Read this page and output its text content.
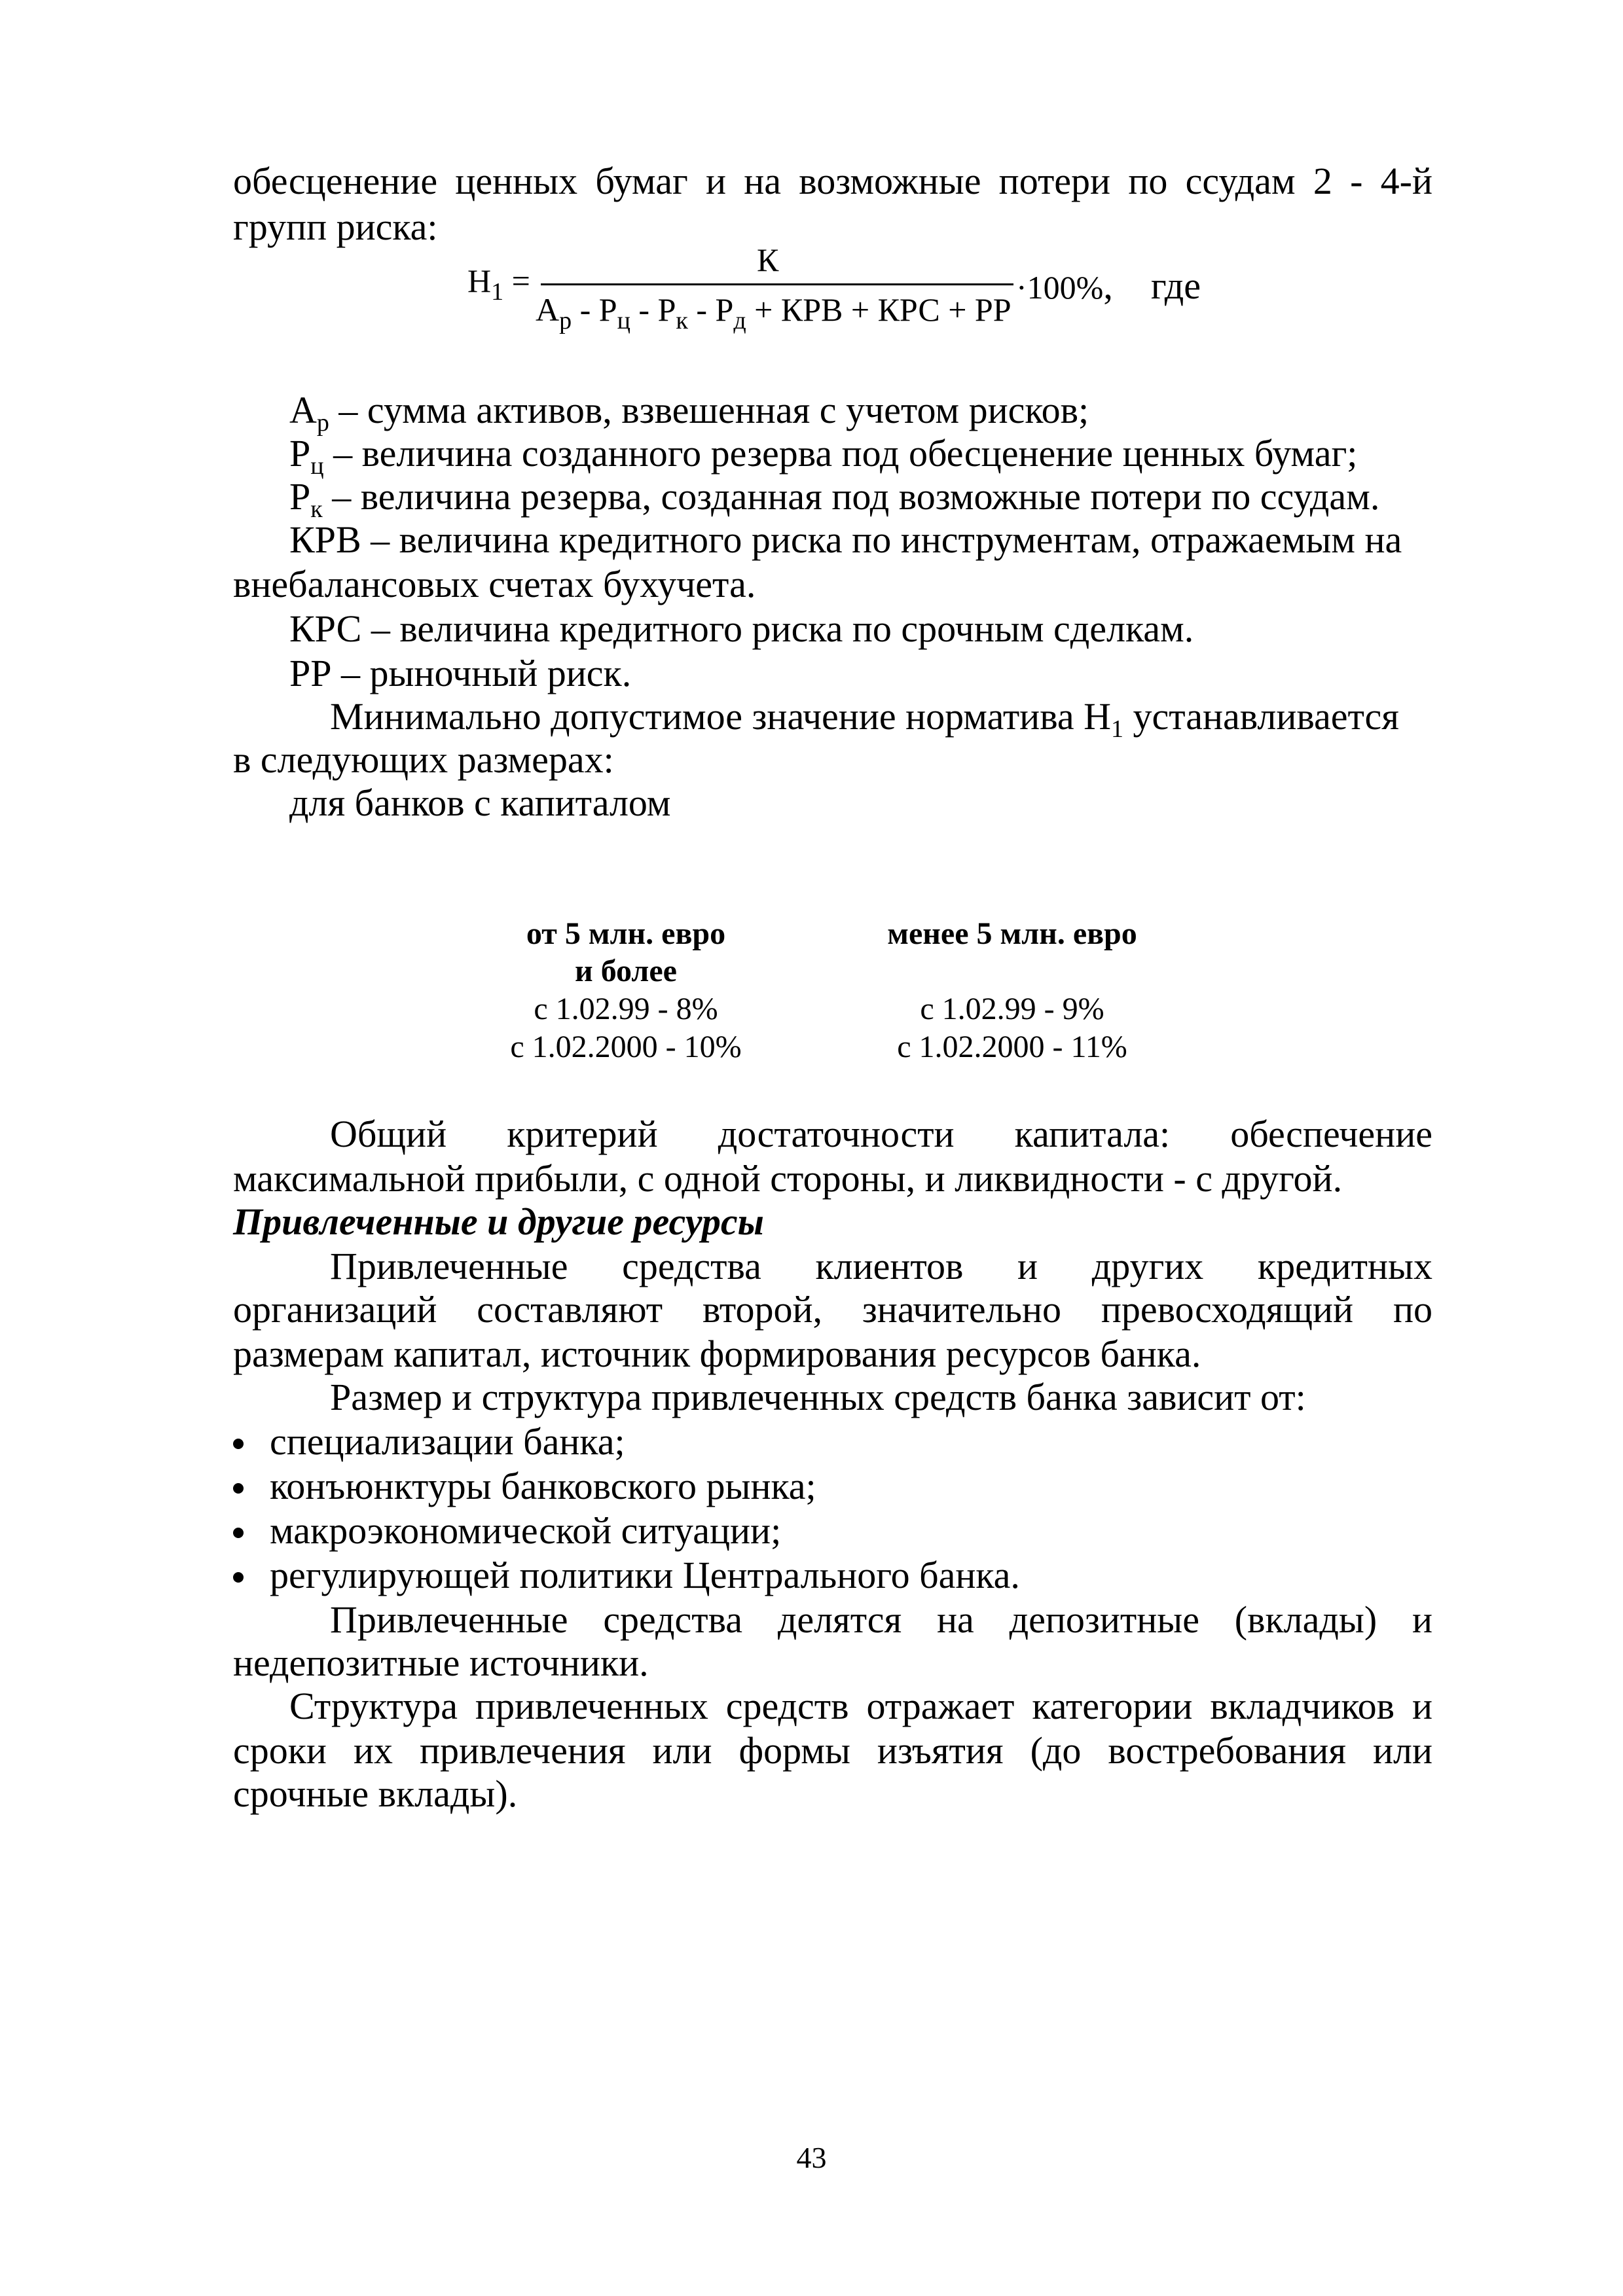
обесценение ценных бумаг и на возможные потери по ссудам 2 - 4-й
групп риска:
$Н_1$ =
К
$А_р - Р_ц - Р_к - Р_д$ + КРВ + КРС + РР
·100%,    где
$А_р$ – сумма активов, взвешенная с учетом рисков;
$Р_ц$ – величина созданного резерва под обесценение ценных бумаг;
$Р_к$ – величина резерва, созданная под возможные потери по ссудам.
КРВ – величина кредитного риска по инструментам, отражаемым на
внебалансовых счетах бухучета.
КРС – величина кредитного риска по срочным сделкам.
РР – рыночный риск.
Минимально допустимое значение норматива $Н_1$ устанавливается
в следующих размерах:
для банков с капиталом
от 5 млн. евро
и более
менее 5 млн. евро
с 1.02.99 - 8%	с 1.02.99 - 9%
с 1.02.2000 - 10%	с 1.02.2000 - 11%
Общий критерий достаточности капитала: обеспечение
максимальной прибыли, с одной стороны, и ликвидности - с другой.
Привлеченные и другие ресурсы
Привлеченные средства клиентов и других кредитных
организаций составляют второй, значительно превосходящий по
размерам капитал, источник формирования ресурсов банка.
Размер и структура привлеченных средств банка зависит от:
специализации банка;
конъюнктуры банковского рынка;
макроэкономической ситуации;
регулирующей политики Центрального банка.
Привлеченные средства делятся на депозитные (вклады) и
недепозитные источники.
Структура привлеченных средств отражает категории вкладчиков и
сроки их привлечения или формы изъятия (до востребования или
срочные вклады).
43
